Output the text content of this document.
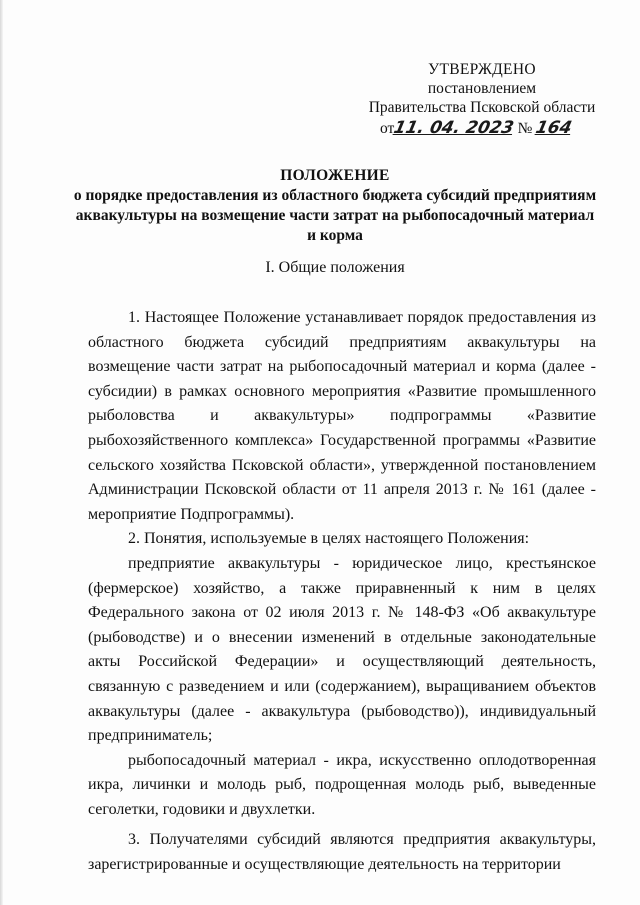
УТВЕРЖДЕНО
постановлением
Правительства Псковской области
от11. 04. 2023 № 164
ПОЛОЖЕНИЕ
о порядке предоставления из областного бюджета субсидий предприятиям
аквакультуры на возмещение части затрат на рыбопосадочный материал
и корма
I. Общие положения

1. Настоящее Положение устанавливает порядок предоставления из областного бюджета субсидий предприятиям аквакультуры на возмещение части затрат на рыбопосадочный материал и корма (далее - субсидии) в рамках основного мероприятия «Развитие промышленного рыболовства и аквакультуры» подпрограммы «Развитие рыбохозяйственного комплекса» Государственной программы «Развитие сельского хозяйства Псковской области», утвержденной постановлением Администрации Псковской области от 11 апреля 2013 г. № 161 (далее - мероприятие Подпрограммы).

2. Понятия, используемые в целях настоящего Положения:

предприятие аквакультуры - юридическое лицо, крестьянское (фермерское) хозяйство, а также приравненный к ним в целях Федерального закона от 02 июля 2013 г. № 148-ФЗ «Об аквакультуре (рыбоводстве) и о внесении изменений в отдельные законодательные акты Российской Федерации» и осуществляющий деятельность, связанную с разведением и или (содержанием), выращиванием объектов аквакультуры (далее - аквакультура (рыбоводство)), индивидуальный предприниматель;

рыбопосадочный материал - икра, искусственно оплодотворенная икра, личинки и молодь рыб, подрощенная молодь рыб, выведенные сеголетки, годовики и двухлетки.

3. Получателями субсидий являются предприятия аквакультуры, зарегистрированные и осуществляющие деятельность на территории
